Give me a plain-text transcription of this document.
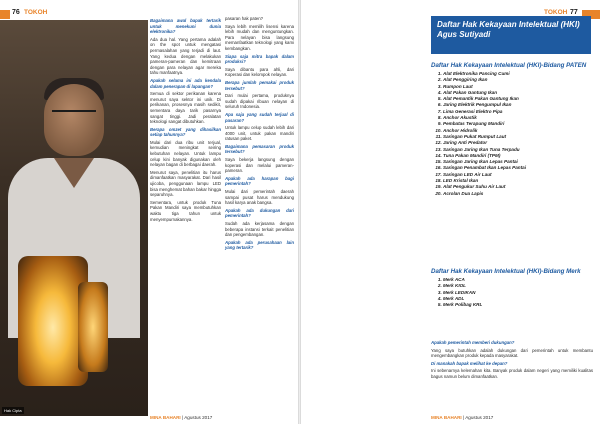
76 TOKOH
Hak Cipta

Bagaimana awal bapak tertarik untuk menekuni dunia elektronika?

Ada dua hal. Yang pertama adalah on the spot untuk mengatasi permasalahan yang terjadi di laut. Yang kedua dengan melakukan pameran-pameran dan kemitraan dengan para nelayan agar mereka tahu manfaatnya.

Apakah selama ini ada kendala dalam penerapan di lapangan?

Semua di sektor perikanan karena menurut saya sektor ini unik. Di perikanan, prosesnya masih sedikit, sementara daya tarik pasarnya sangat tinggi. Jadi peralatan teknologi sangat dibutuhkan.

Berapa omzet yang dihasilkan setiap tahunnya?

Mulai dari dua ribu unit terjual, kemudian meningkat seiring kebutuhan nelayan. Untuk lampu celup kini banyak digunakan oleh nelayan bagan di berbagai daerah.

Menurut saya, penelitian itu harus dimanfaatkan masyarakat. Dari hasil ujicoba, penggunaan lampu LED bisa menghemat bahan bakar hingga separuhnya.

Sementara, untuk produk Tuna Pakan Mandiri saya membutuhkan waktu tiga tahun untuk menyempurnakannya.

pasaran hak paten?

Saya lebih memilih lisensi karena lebih mudah dan menguntungkan. Para nelayan bisa langsung memanfaatkan teknologi yang kami kembangkan.

Siapa saja mitra bapak dalam produksi?

Saya dibantu para ahli, dari Koperasi dan kelompok nelayan.

Berapa jumlah pemakai produk tersebut?

Dari mulai pertama, produknya sudah dipakai ribuan nelayan di seluruh Indonesia.

Apa saja yang sudah terjual di pasaran?

Untuk lampu celup sudah lebih dari 4000 unit, untuk pakan mandiri ratusan paket.

Bagaimana pemasaran produk tersebut?

Saya bekerja langsung dengan koperasi dan melalui pameran-pameran.

Apakah ada harapan bagi pemerintah?

Mulai dari pemerintah daerah sampai pusat harus mendukung hasil karya anak bangsa.

Apakah ada dukungan dari pemerintah?

Sudah ada kerjasama dengan beberapa instansi terkait penelitian dan pengembangan.

Apakah ada perusahaan lain yang tertarik?

MINA BAHARI | Agustus 2017
TOKOH 77
Daftar Hak Kekayaan Intelektual (HKI) Agus Sutiyadi
Daftar Hak Kekayaan Intelektual (HKI)-Bidang PATEN
1. Alat Elektronika Pancing Cumi
2. Alat Penggiring Ikan
3. Rumpon Laut
4. Alat Pakan Gantung Ikan
5. Alat Pemantik Pakan Gantung Ikan
6. Jaring Elektrik Pengumpul Ikan
7. Lima Generasi Elektro Pipa
8. Anchor Akustik
9. Pembatas Terapung Mandiri
10. Anchor Hidrolik
11. Saringan Pukat Rumput Laut
12. Jaring Anti Predator
13. Saringan Jaring Ikan Tuna Terpadu
14. Tuna Pakan Mandiri (TPM)
15. Saringan Jaring Ikan Lepas Pantai
16. Saringan Penambat Ikan Lepas Pantai
17. Saringan LED Air Laut
18. LED Kristal Ikan
19. Alat Pengukur Suhu Air Laut
20. Acrolan Dua Lapis
Daftar Hak Kekayaan Intelektual (HKI)-Bidang Merk
1. Merk ACA
2. Merk KIOL
3. Merk LEDIKAN
4. Merk ADL
5. Merk Polibag KRL

Apakah pemerintah memberi dukungan?

Yang saya butuhkan adalah dukungan dari pemerintah untuk membantu mengembangkan produk kepada masyarakat.

Di manakah bapak melihat ke depan?

Ini sebenarnya kelemahan kita. Banyak produk dalam negeri yang memiliki kualitas bagus namun belum dimanfaatkan.

MINA BAHARI | Agustus 2017
